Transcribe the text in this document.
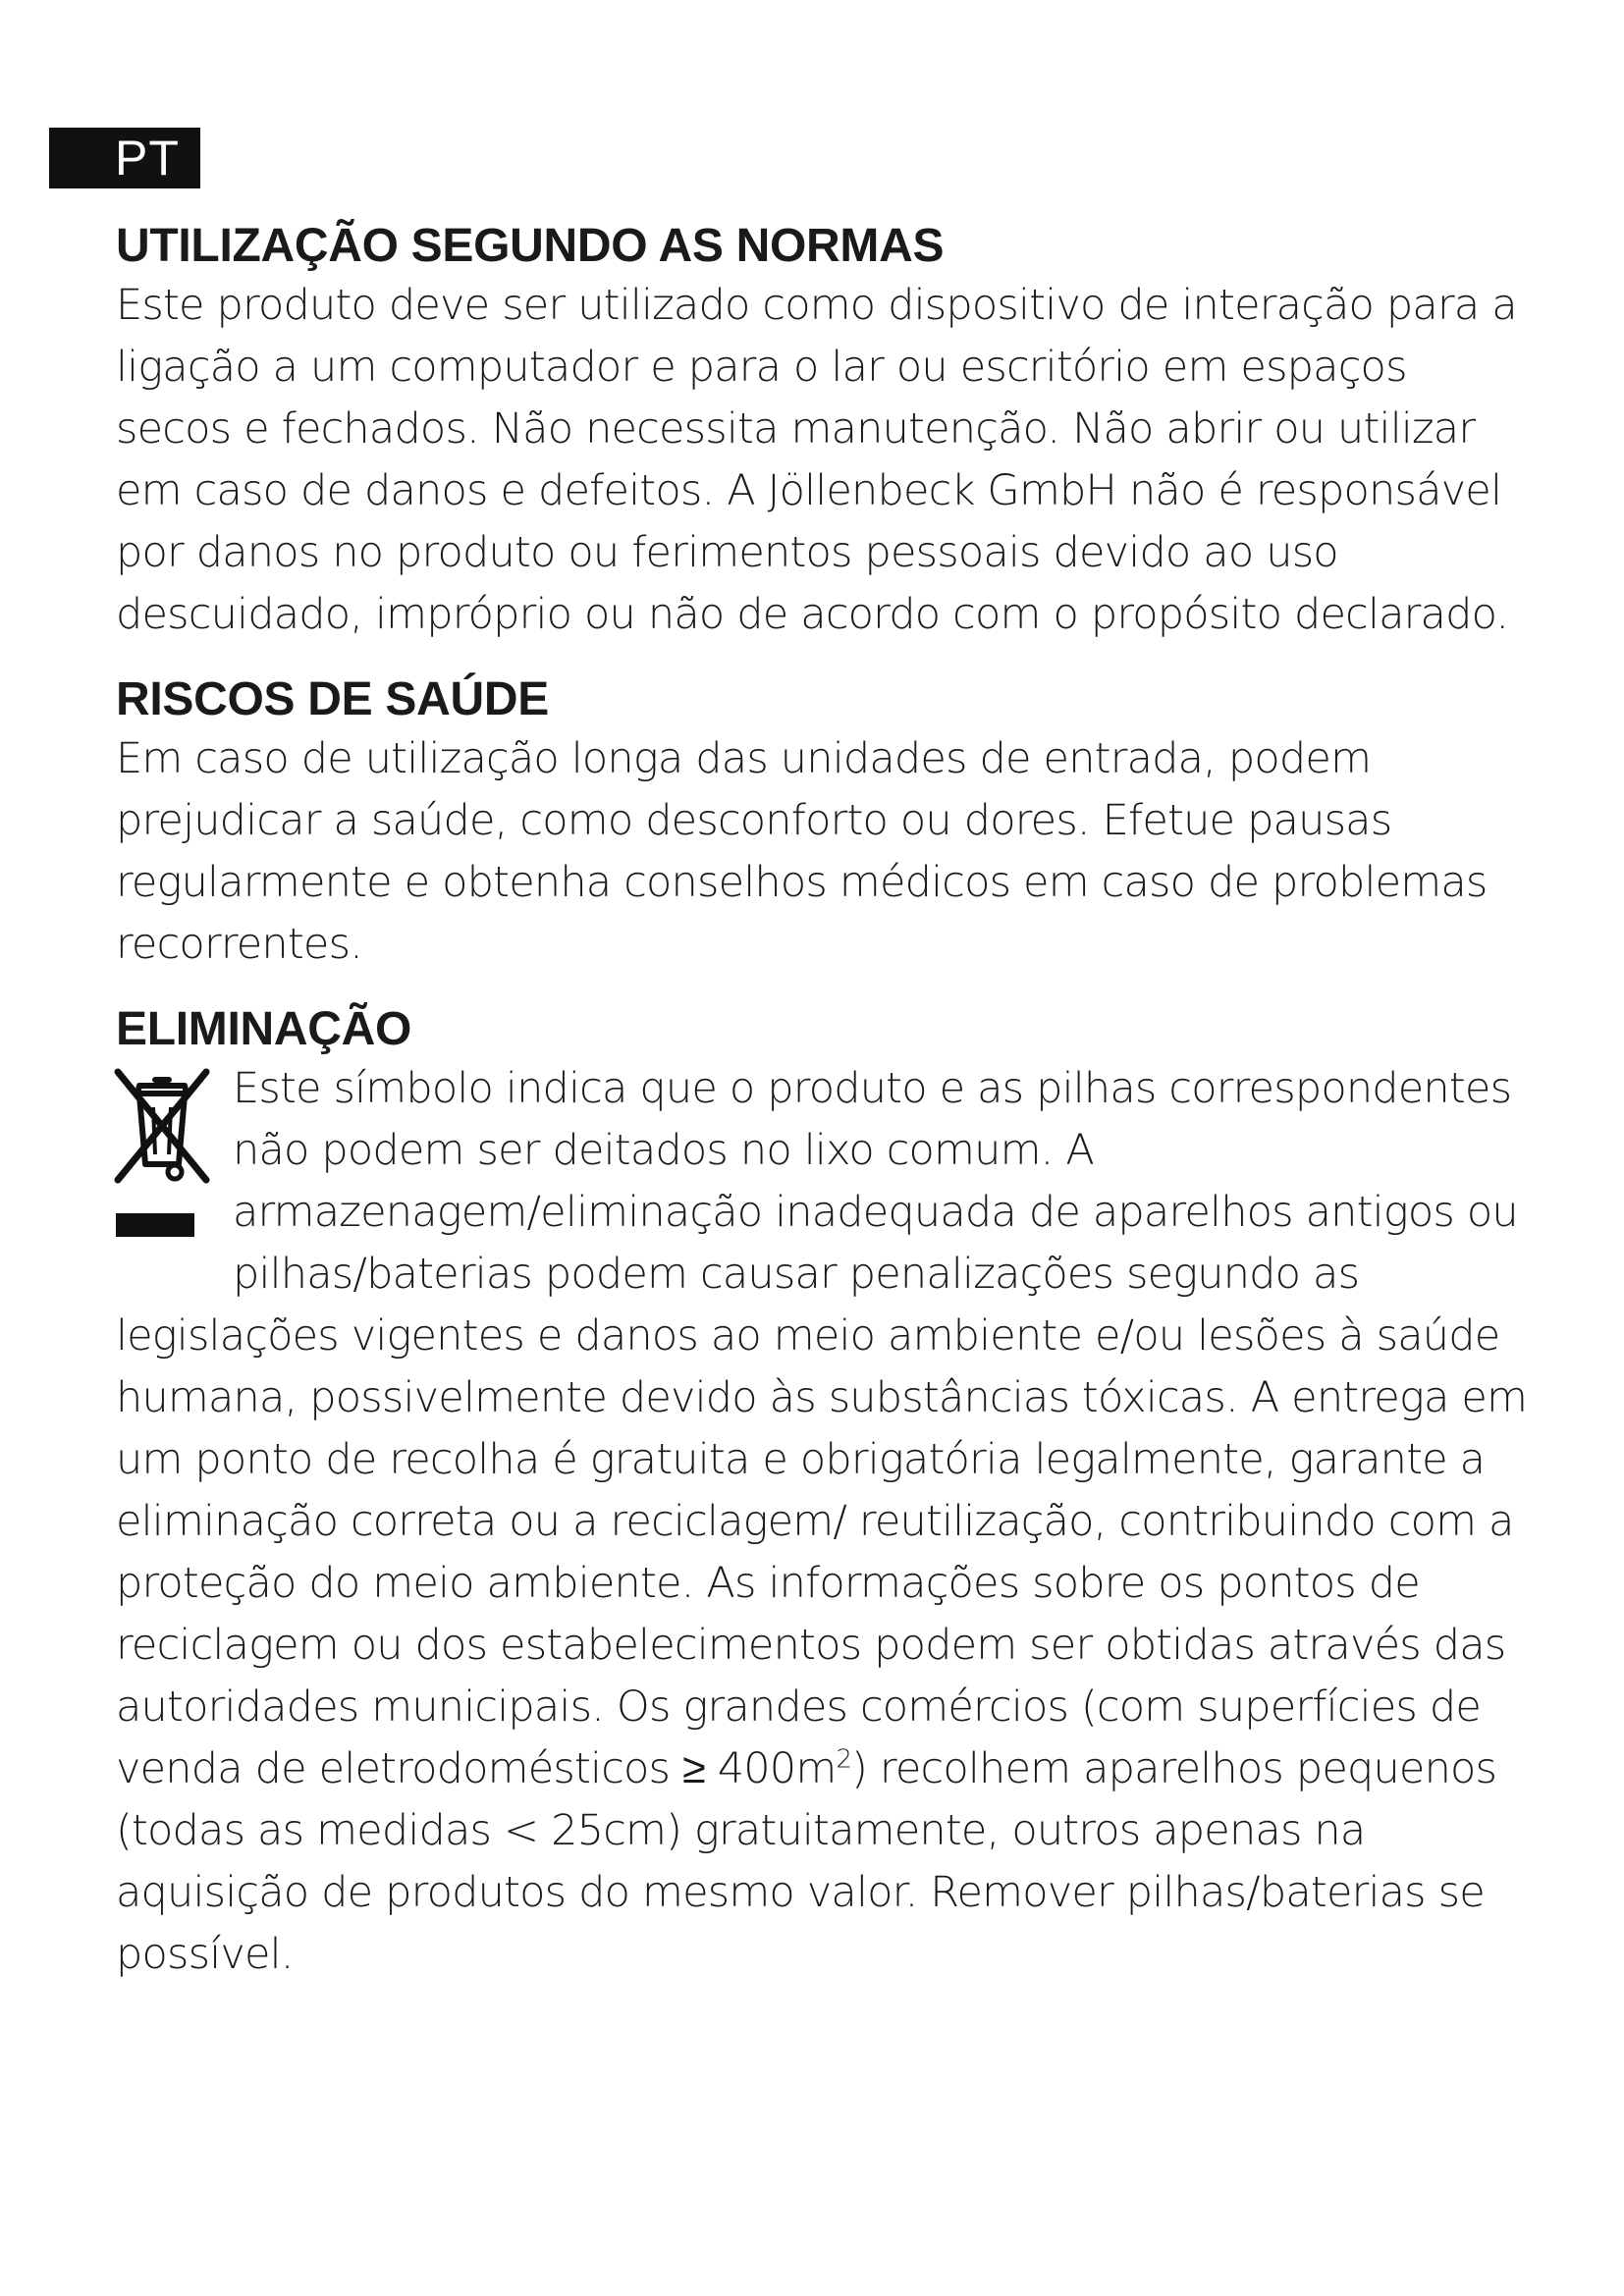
PT
UTILIZAÇÃO SEGUNDO AS NORMAS

Este produto deve ser utilizado como dispositivo de interação para a ligação a um computador e para o lar ou escritório em espaços secos e fechados. Não necessita manutenção. Não abrir ou utilizar em caso de danos e defeitos. A Jöllenbeck GmbH não é responsável por danos no produto ou ferimentos pessoais devido ao uso descuidado, impróprio ou não de acordo com o propósito declarado.

RISCOS DE SAÚDE

Em caso de utilização longa das unidades de entrada, podem prejudicar a saúde, como desconforto ou dores. Efetue pausas regularmente e obtenha conselhos médicos em caso de problemas recorrentes.

ELIMINAÇÃO

Este símbolo indica que o produto e as pilhas correspondentes não podem ser deitados no lixo comum. A armazenagem/eliminação inadequada de aparelhos antigos ou pilhas/baterias podem causar penalizações segundo as legislações vigentes e danos ao meio ambiente e/ou lesões à saúde humana, possivelmente devido às substâncias tóxicas. A entrega em um ponto de recolha é gratuita e obrigatória legalmente, garante a eliminação correta ou a reciclagem/ reutilização, contribuindo com a proteção do meio ambiente. As informações sobre os pontos de reciclagem ou dos estabelecimentos podem ser obtidas através das autoridades municipais. Os grandes comércios (com superfícies de venda de eletrodomésticos ≥ $400m^2$) recolhem aparelhos pequenos (todas as medidas < 25cm) gratuitamente, outros apenas na aquisição de produtos do mesmo valor. Remover pilhas/baterias se possível.
